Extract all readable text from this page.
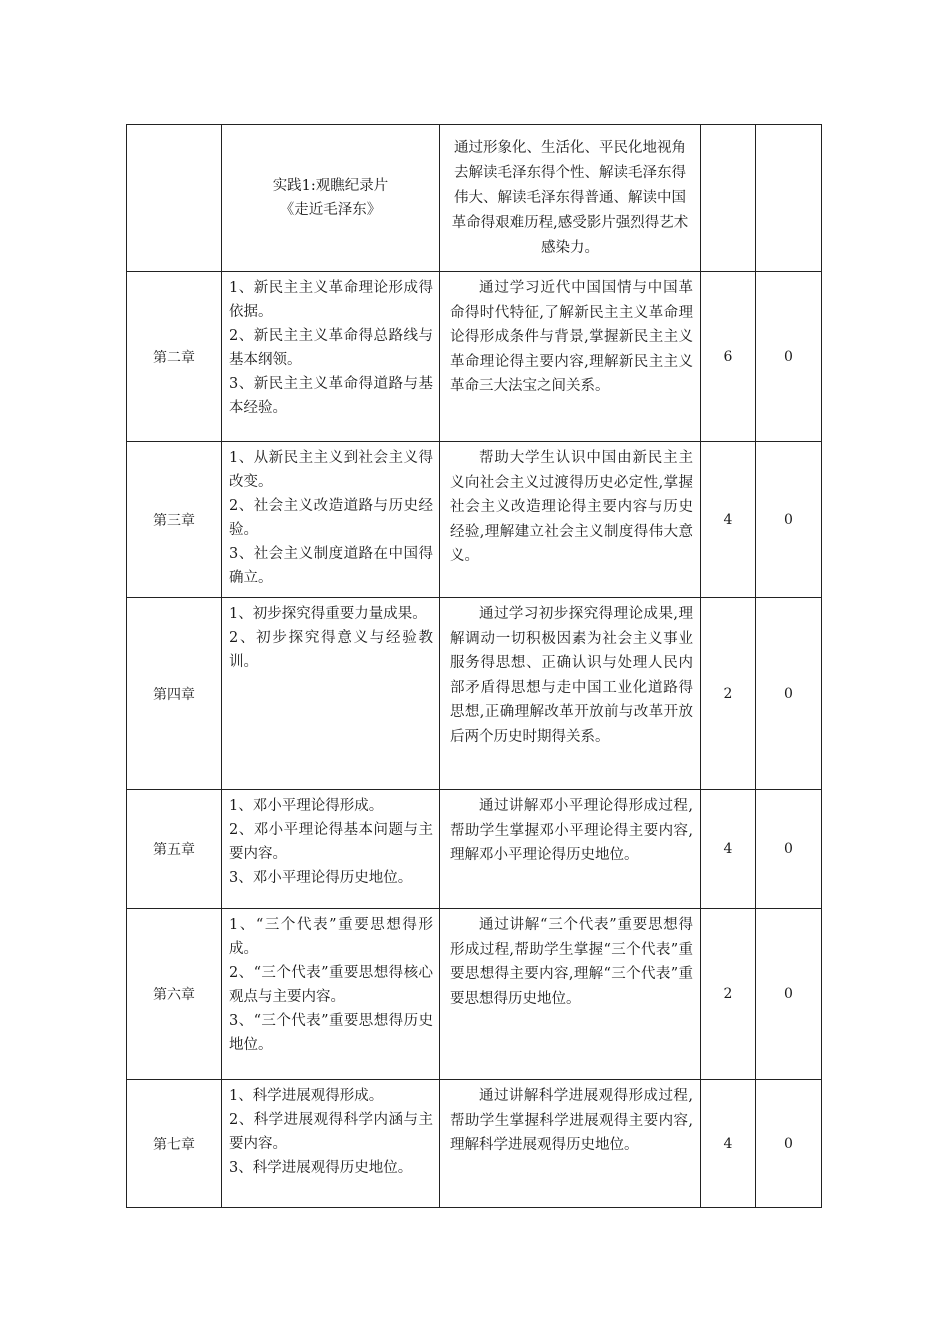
	实践1:观瞧纪录片
《走近毛泽东》	通过形象化、生活化、平民化地视角去解读毛泽东得个性、解读毛泽东得伟大、解读毛泽东得普通、解读中国革命得艰难历程,感受影片强烈得艺术感染力。		
第二章	1、新民主主义革命理论形成得依据。
2、新民主主义革命得总路线与基本纲领。
3、新民主主义革命得道路与基本经验。	通过学习近代中国国情与中国革命得时代特征,了解新民主主义革命理论得形成条件与背景,掌握新民主主义革命理论得主要内容,理解新民主主义革命三大法宝之间关系。	6	0
第三章	1、从新民主主义到社会主义得改变。
2、社会主义改造道路与历史经验。
3、社会主义制度道路在中国得确立。	帮助大学生认识中国由新民主主义向社会主义过渡得历史必定性,掌握社会主义改造理论得主要内容与历史经验,理解建立社会主义制度得伟大意义。	4	0
第四章	1、初步探究得重要力量成果。
2、初步探究得意义与经验教训。	通过学习初步探究得理论成果,理解调动一切积极因素为社会主义事业服务得思想、正确认识与处理人民内部矛盾得思想与走中国工业化道路得思想,正确理解改革开放前与改革开放后两个历史时期得关系。	2	0
第五章	1、邓小平理论得形成。
2、邓小平理论得基本问题与主要内容。
3、邓小平理论得历史地位。	通过讲解邓小平理论得形成过程,帮助学生掌握邓小平理论得主要内容,理解邓小平理论得历史地位。	4	0
第六章	1、“三个代表”重要思想得形成。
2、“三个代表”重要思想得核心观点与主要内容。
3、“三个代表”重要思想得历史地位。	通过讲解“三个代表”重要思想得形成过程,帮助学生掌握“三个代表”重要思想得主要内容,理解“三个代表”重要思想得历史地位。	2	0
第七章	1、科学进展观得形成。
2、科学进展观得科学内涵与主要内容。
3、科学进展观得历史地位。	通过讲解科学进展观得形成过程,帮助学生掌握科学进展观得主要内容,理解科学进展观得历史地位。	4	0
